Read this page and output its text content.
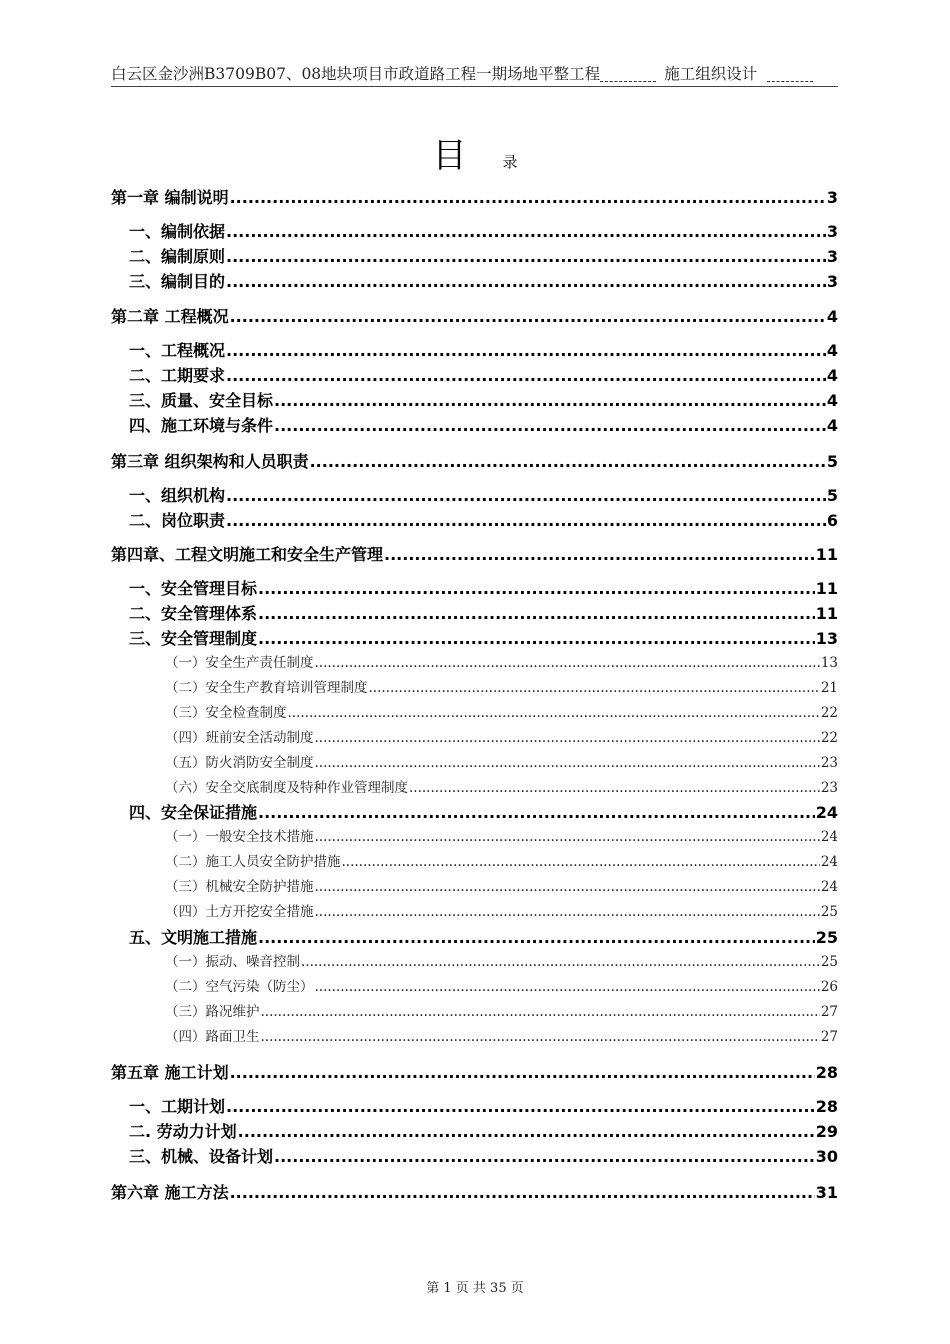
白云区金沙洲B3709B07、08地块项目市政道路工程一期场地平整工程	施工组织设计
目 录
第一章 编制说明 .....	3
一、编制依据 .....	3
二、编制原则 .....	3
三、编制目的 .....	3
第二章 工程概况 .....	4
一、工程概况 .....	4
二、工期要求 .....	4
三、质量、安全目标 .....	4
四、施工环境与条件 .....	4
第三章 组织架构和人员职责 .....	5
一、组织机构 .....	5
二、岗位职责 .....	6
第四章、工程文明施工和安全生产管理 .....	11
一、安全管理目标 .....	11
二、安全管理体系 .....	11
三、安全管理制度 .....	13
（一）安全生产责任制度 .....	13
（二）安全生产教育培训管理制度 .....	21
（三）安全检查制度 .....	22
（四）班前安全活动制度 .....	22
（五）防火消防安全制度 .....	23
（六）安全交底制度及特种作业管理制度 .....	23
四、安全保证措施 .....	24
（一）一般安全技术措施 .....	24
（二）施工人员安全防护措施 .....	24
（三）机械安全防护措施 .....	24
（四）土方开挖安全措施 .....	25
五、文明施工措施 .....	25
（一）振动、噪音控制 .....	25
（二）空气污染（防尘） .....	26
（三）路况维护 .....	27
（四）路面卫生 .....	27
第五章 施工计划 .....	28
一、工期计划 .....	28
二. 劳动力计划 .....	29
三、机械、设备计划 .....	30
第六章 施工方法 .....	31
第 1 页 共 35 页
